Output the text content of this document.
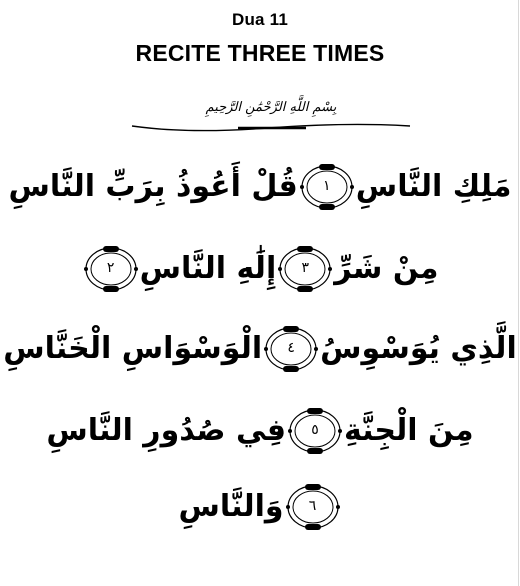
Dua 11
RECITE THREE TIMES
بِسْمِ اللَّهِ الرَّحْمَٰنِ الرَّحِيمِ
قُلْ أَعُوذُ بِرَبِّ النَّاسِ	١ مَلِكِ النَّاسِ
٢ إِلَٰهِ النَّاسِ	٣ مِنْ شَرِّ
الْوَسْوَاسِ الْخَنَّاسِ	٤ الَّذِي يُوَسْوِسُ
فِي صُدُورِ النَّاسِ	٥ مِنَ الْجِنَّةِ
وَالنَّاسِ	٦
